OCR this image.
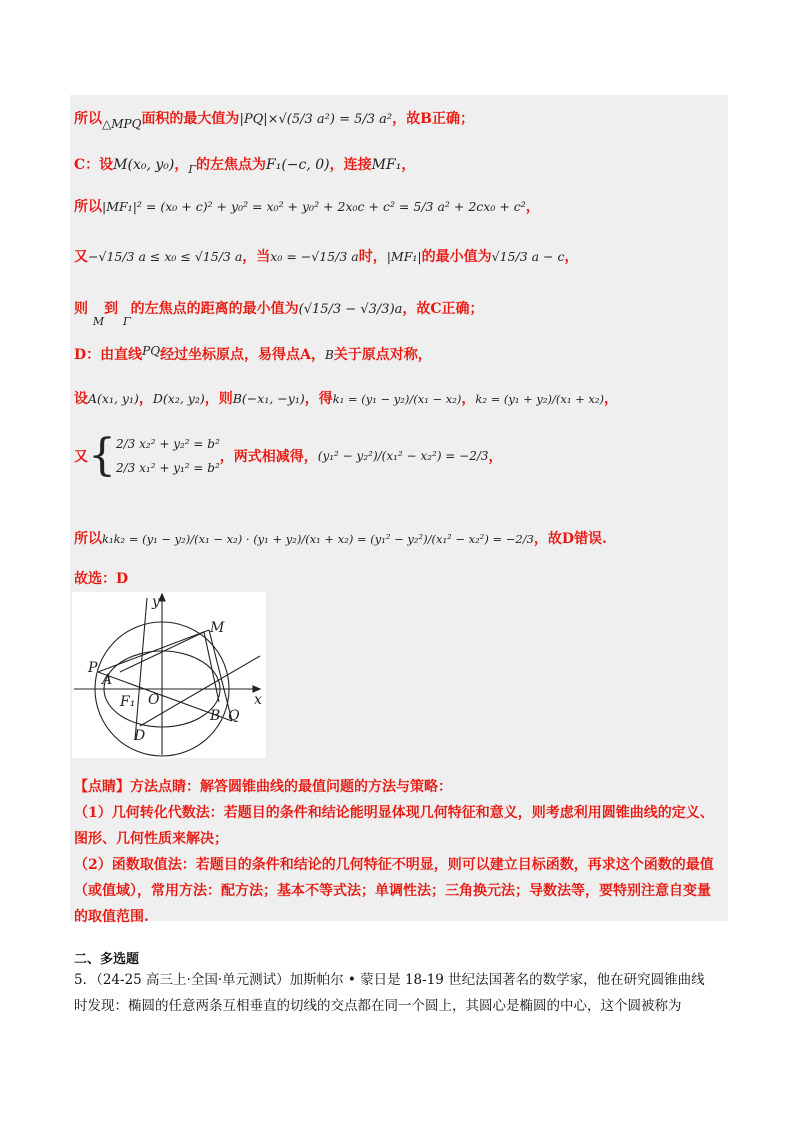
所以△MPQ面积的最大值为|PQ|×√(5/3 a²) = 5/3 a²，故B正确；
C：设M(x₀, y₀)，$_\Gamma$的左焦点为F₁(−c, 0)，连接MF₁，
所以|MF₁|² = (x₀ + c)² + y₀² = x₀² + y₀² + 2x₀c + c² = 5/3 a² + 2cx₀ + c²，
又−√15/3 a ≤ x₀ ≤ √15/3 a，当x₀ = −√15/3 a时，|MF₁|的最小值为√15/3 a − c，
则 $_M$到 $_\Gamma$的左焦点的距离的最小值为(√15/3 − √3/3)a，故C正确；
D：由直线PQ经过坐标原点，易得点A，B关于原点对称，
设A(x₁, y₁)，D(x₂, y₂)，则B(−x₁, −y₁)，得k₁ = (y₁ − y₂)/(x₁ − x₂)，k₂ = (y₁ + y₂)/(x₁ + x₂)，
又{ 2/3 x₂² + y₂² = b²
2/3 x₁² + y₁² = b²
，两式相减得，(y₁² − y₂²)/(x₁² − x₂²) = −2/3，
所以k₁k₂ = (y₁ − y₂)/(x₁ − x₂) · (y₁ + y₂)/(x₁ + x₂) = (y₁² − y₂²)/(x₁² − x₂²) = −2/3，故D错误.
故选：D
y
M
P
A
F₁ O	x
B Q
D
【点睛】方法点睛：解答圆锥曲线的最值问题的方法与策略：
（1）几何转化代数法：若题目的条件和结论能明显体现几何特征和意义，则考虑利用圆锥曲线的定义、
图形、几何性质来解决；
（2）函数取值法：若题目的条件和结论的几何特征不明显，则可以建立目标函数，再求这个函数的最值
（或值域），常用方法：配方法；基本不等式法；单调性法；三角换元法；导数法等，要特别注意自变量
的取值范围.
二、多选题
5．（24-25 高三上·全国·单元测试）加斯帕尔 • 蒙日是 18-19 世纪法国著名的数学家，他在研究圆锥曲线
时发现：椭圆的任意两条互相垂直的切线的交点都在同一个圆上，其圆心是椭圆的中心，这个圆被称为
